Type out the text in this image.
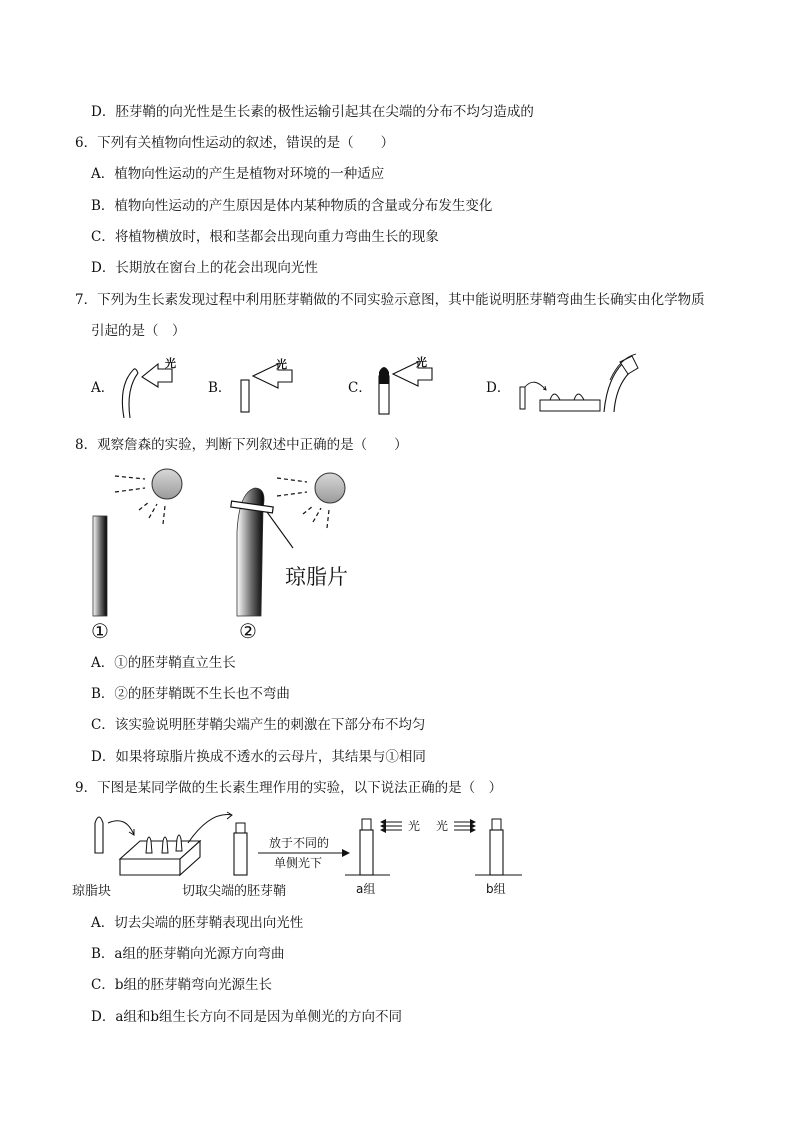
D．胚芽鞘的向光性是生长素的极性运输引起其在尖端的分布不均匀造成的
6．下列有关植物向性运动的叙述，错误的是（　　）
A．植物向性运动的产生是植物对环境的一种适应
B．植物向性运动的产生原因是体内某种物质的含量或分布发生变化
C．将植物横放时，根和茎都会出现向重力弯曲生长的现象
D．长期放在窗台上的花会出现向光性
7．下列为生长素发现过程中利用胚芽鞘做的不同实验示意图，其中能说明胚芽鞘弯曲生长确实由化学物质
引起的是（　）
A．	B．	C．	D．
光	光	光
8．观察詹森的实验，判断下列叙述中正确的是（　　）
①
琼脂片
②
A．①的胚芽鞘直立生长
B．②的胚芽鞘既不生长也不弯曲
C．该实验说明胚芽鞘尖端产生的刺激在下部分布不均匀
D．如果将琼脂片换成不透水的云母片，其结果与①相同
9．下图是某同学做的生长素生理作用的实验，以下说法正确的是（　）
放于不同的
单侧光下
光 光
琼脂块	切取尖端的胚芽鞘	a组	b组
A．切去尖端的胚芽鞘表现出向光性
B．a组的胚芽鞘向光源方向弯曲
C．b组的胚芽鞘弯向光源生长
D．a组和b组生长方向不同是因为单侧光的方向不同
